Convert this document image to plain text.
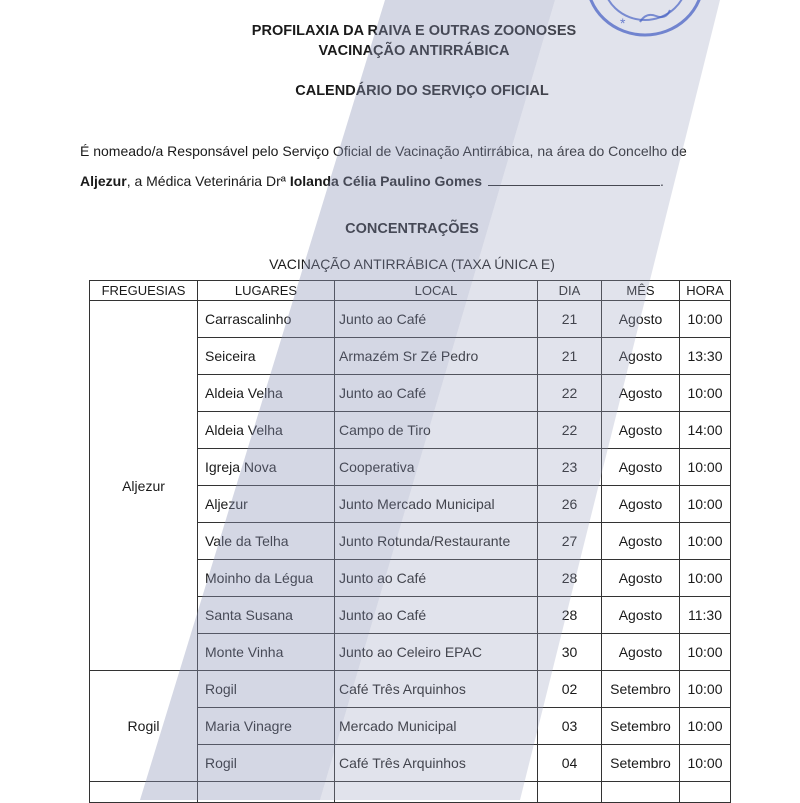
*
PROFILAXIA DA RAIVA E OUTRAS ZOONOSES
VACINAÇÃO ANTIRRÁBICA
CALENDÁRIO DO SERVIÇO OFICIAL
É nomeado/a Responsável pelo Serviço Oficial de Vacinação Antirrábica, na área do Concelho de
Aljezur, a Médica Veterinária Drª Iolanda Célia Paulino Gomes	.
CONCENTRAÇÕES
VACINAÇÃO ANTIRRÁBICA (TAXA ÚNICA E)
FREGUESIAS	LUGARES	LOCAL	DIA	MÊS	HORA
Aljezur	Carrascalinho	Junto ao Café	21	Agosto	10:00
	Seiceira	Armazém Sr Zé Pedro	21	Agosto	13:30
	Aldeia Velha	Junto ao Café	22	Agosto	10:00
	Aldeia Velha	Campo de Tiro	22	Agosto	14:00
	Igreja Nova	Cooperativa	23	Agosto	10:00
	Aljezur	Junto Mercado Municipal	26	Agosto	10:00
	Vale da Telha	Junto Rotunda/Restaurante	27	Agosto	10:00
	Moinho da Légua	Junto ao Café	28	Agosto	10:00
	Santa Susana	Junto ao Café	28	Agosto	11:30
	Monte Vinha	Junto ao Celeiro EPAC	30	Agosto	10:00
Rogil	Rogil	Café Três Arquinhos	02	Setembro	10:00
	Maria Vinagre	Mercado Municipal	03	Setembro	10:00
	Rogil	Café Três Arquinhos	04	Setembro	10:00
